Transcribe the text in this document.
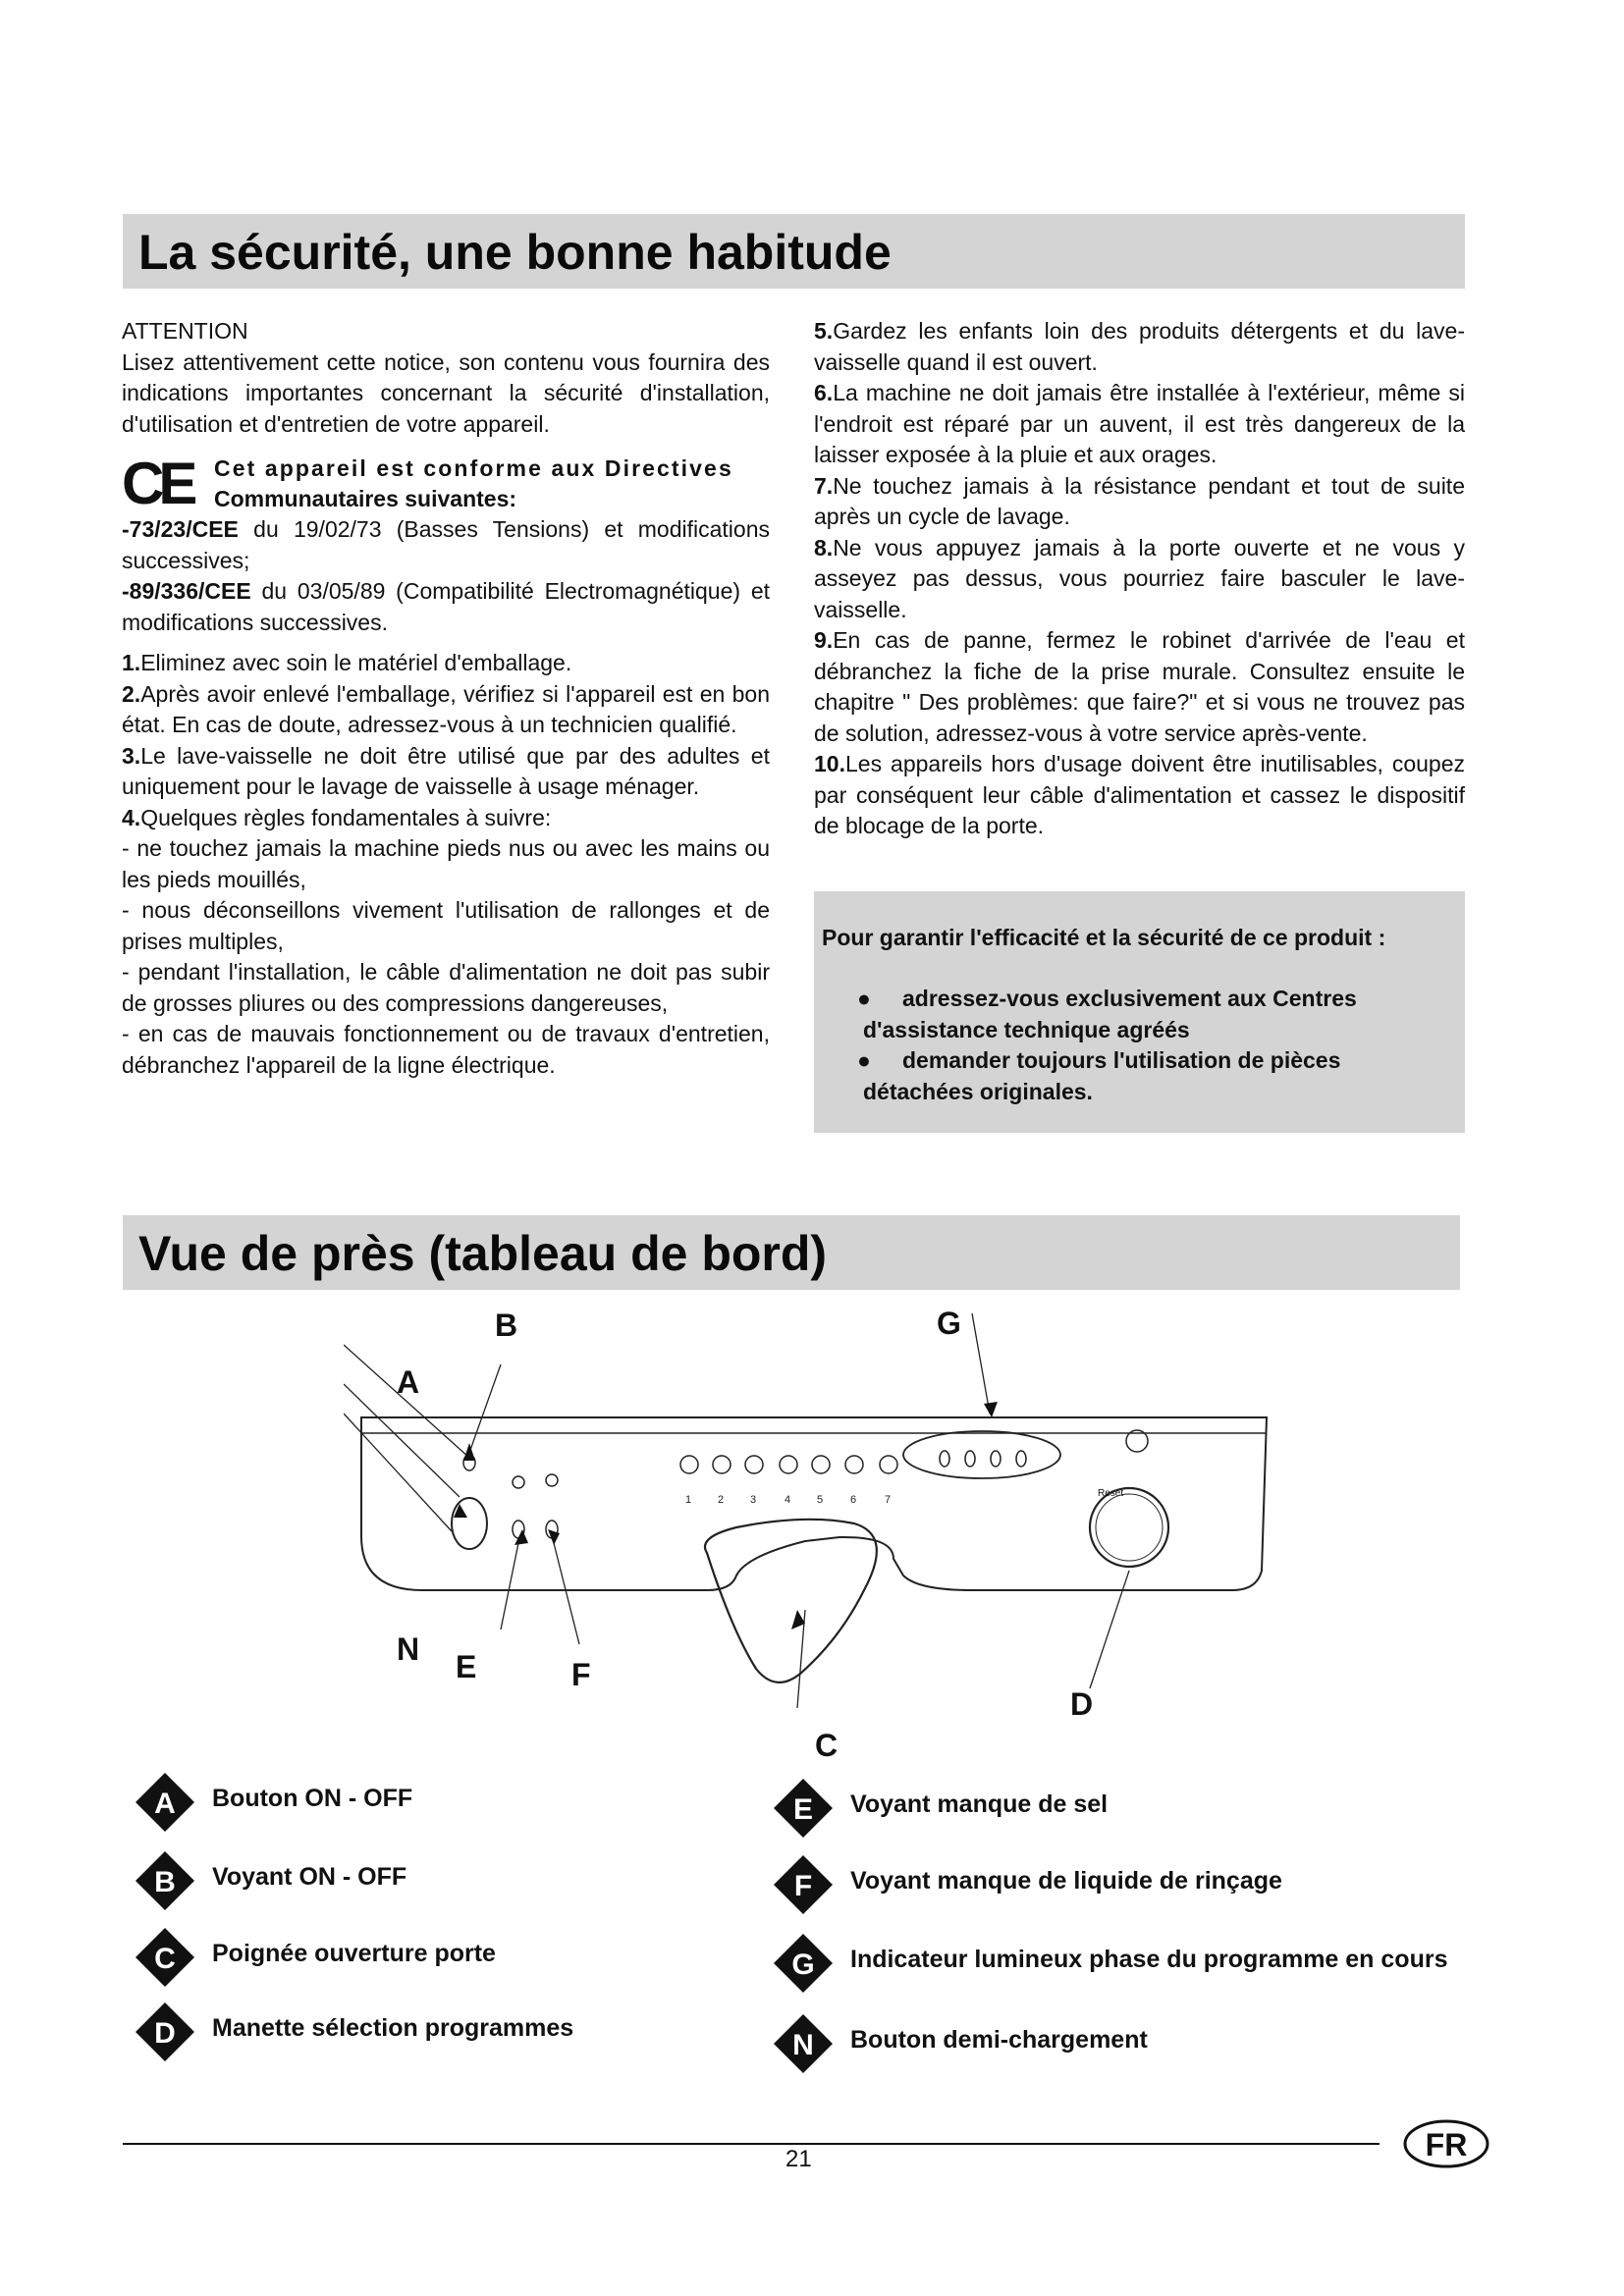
La sécurité, une bonne habitude

ATTENTION

Lisez attentivement cette notice, son contenu vous fournira des indications importantes concernant la sécurité d'installation, d'utilisation et d'entretien de votre appareil.

CE Cet appareil est conforme aux Directives
Communautaires suivantes:

-73/23/CEE du 19/02/73 (Basses Tensions) et modifications successives;

-89/336/CEE du 03/05/89 (Compatibilité Electromagnétique) et modifications successives.

1.Eliminez avec soin le matériel d'emballage.

2.Après avoir enlevé l'emballage, vérifiez si l'appareil est en bon état. En cas de doute, adressez-vous à un technicien qualifié.

3.Le lave-vaisselle ne doit être utilisé que par des adultes et uniquement pour le lavage de vaisselle à usage ménager.

4.Quelques règles fondamentales à suivre:

- ne touchez jamais la machine pieds nus ou avec les mains ou les pieds mouillés,

- nous déconseillons vivement l'utilisation de rallonges et de prises multiples,

- pendant l'installation, le câble d'alimentation ne doit pas subir de grosses pliures ou des compressions dangereuses,

- en cas de mauvais fonctionnement ou de travaux d'entretien, débranchez l'appareil de la ligne électrique.

5.Gardez les enfants loin des produits détergents et du lave-vaisselle quand il est ouvert.

6.La machine ne doit jamais être installée à l'extérieur, même si l'endroit est réparé par un auvent, il est très dangereux de la laisser exposée à la pluie et aux orages.

7.Ne touchez jamais à la résistance pendant et tout de suite après un cycle de lavage.

8.Ne vous appuyez jamais à la porte ouverte et ne vous y asseyez pas dessus, vous pourriez faire basculer le lave-vaisselle.

9.En cas de panne, fermez le robinet d'arrivée de l'eau et débranchez la fiche de la prise murale. Consultez ensuite le chapitre " Des problèmes: que faire?" et si vous ne trouvez pas de solution, adressez-vous à votre service après-vente.

10.Les appareils hors d'usage doivent être inutilisables, coupez par conséquent leur câble d'alimentation et cassez le dispositif de blocage de la porte.

Pour garantir l'efficacité et la sécurité de ce produit :
●	adressez-vous exclusivement aux Centres d'assistance technique agréés
●	demander toujours l'utilisation de pièces détachées originales.
Vue de près (tableau de bord)
1 2 3	4 5	6	7
B	G
A
N E	F
D
C
Reset
A Bouton ON - OFF
B Voyant ON - OFF
C Poignée ouverture porte
D Manette sélection programmes
E Voyant manque de sel
F Voyant manque de liquide de rinçage
G Indicateur lumineux phase du programme en cours
N Bouton demi-chargement
21	FR
